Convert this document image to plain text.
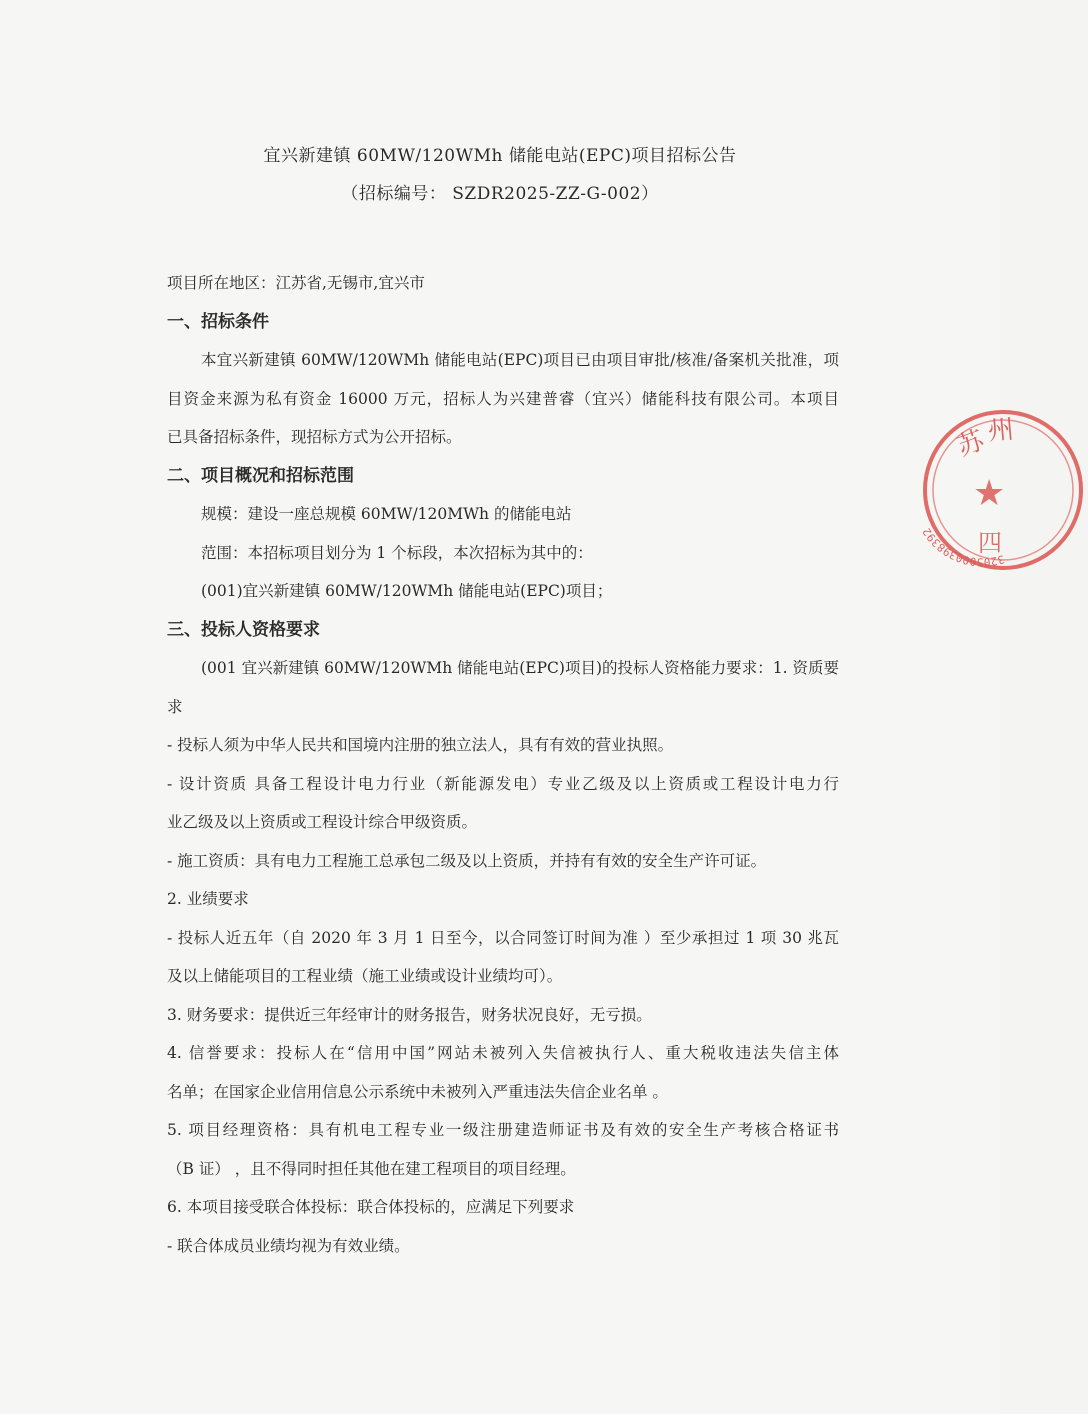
宜兴新建镇 60MW/120WMh 储能电站(EPC)项目招标公告
（招标编号： SZDR2025-ZZ-G-002）
项目所在地区：江苏省,无锡市,宜兴市
一、招标条件
本宜兴新建镇 60MW/120WMh 储能电站(EPC)项目已由项目审批/核准/备案机关批准，项
目资金来源为私有资金 16000 万元，招标人为兴建普睿（宜兴）储能科技有限公司。本项目
已具备招标条件，现招标方式为公开招标。
二、项目概况和招标范围
规模：建设一座总规模 60MW/120MWh 的储能电站
范围：本招标项目划分为 1 个标段，本次招标为其中的：
(001)宜兴新建镇 60MW/120WMh 储能电站(EPC)项目；
三、投标人资格要求
(001 宜兴新建镇 60MW/120WMh 储能电站(EPC)项目)的投标人资格能力要求：1. 资质要
求
- 投标人须为中华人民共和国境内注册的独立法人，具有有效的营业执照。
- 设计资质 具备工程设计电力行业（新能源发电）专业乙级及以上资质或工程设计电力行
业乙级及以上资质或工程设计综合甲级资质。
- 施工资质：具有电力工程施工总承包二级及以上资质，并持有有效的安全生产许可证。
2. 业绩要求
- 投标人近五年（自 2020 年 3 月 1 日至今，以合同签订时间为准 ）至少承担过 1 项 30 兆瓦
及以上储能项目的工程业绩（施工业绩或设计业绩均可）。
3. 财务要求：提供近三年经审计的财务报告，财务状况良好，无亏损。
4. 信誉要求：投标人在“信用中国”网站未被列入失信被执行人、重大税收违法失信主体
名单；在国家企业信用信息公示系统中未被列入严重违法失信企业名单 。
5. 项目经理资格：具有机电工程专业一级注册建造师证书及有效的安全生产考核合格证书
（B 证） ，且不得同时担任其他在建工程项目的项目经理。
6. 本项目接受联合体投标：联合体投标的，应满足下列要求
- 联合体成员业绩均视为有效业绩。
3205000398392
苏
州
四
★
